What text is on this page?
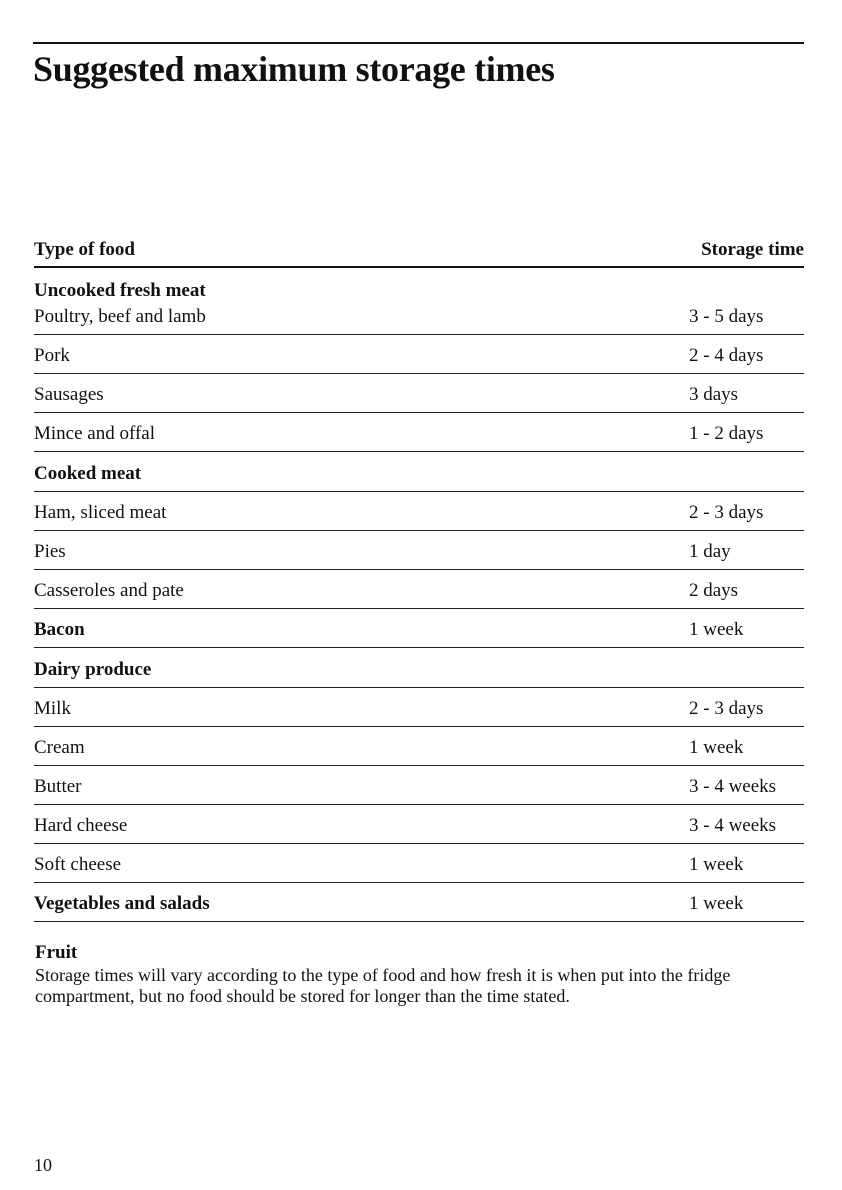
Suggested maximum storage times
Type of food	Storage time
Uncooked fresh meat
Poultry, beef and lamb	3 - 5 days
Pork	2 - 4 days
Sausages	3 days
Mince and offal	1 - 2 days
Cooked meat
Ham, sliced meat	2 - 3 days
Pies	1 day
Casseroles and pate	2 days
Bacon	1 week
Dairy produce
Milk	2 - 3 days
Cream	1 week
Butter	3 - 4 weeks
Hard cheese	3 - 4 weeks
Soft cheese	1 week
Vegetables and salads	1 week
Fruit

Storage times will vary according to the type of food and how fresh it is when put into the fridge compartment, but no food should be stored for longer than the time stated.

10
